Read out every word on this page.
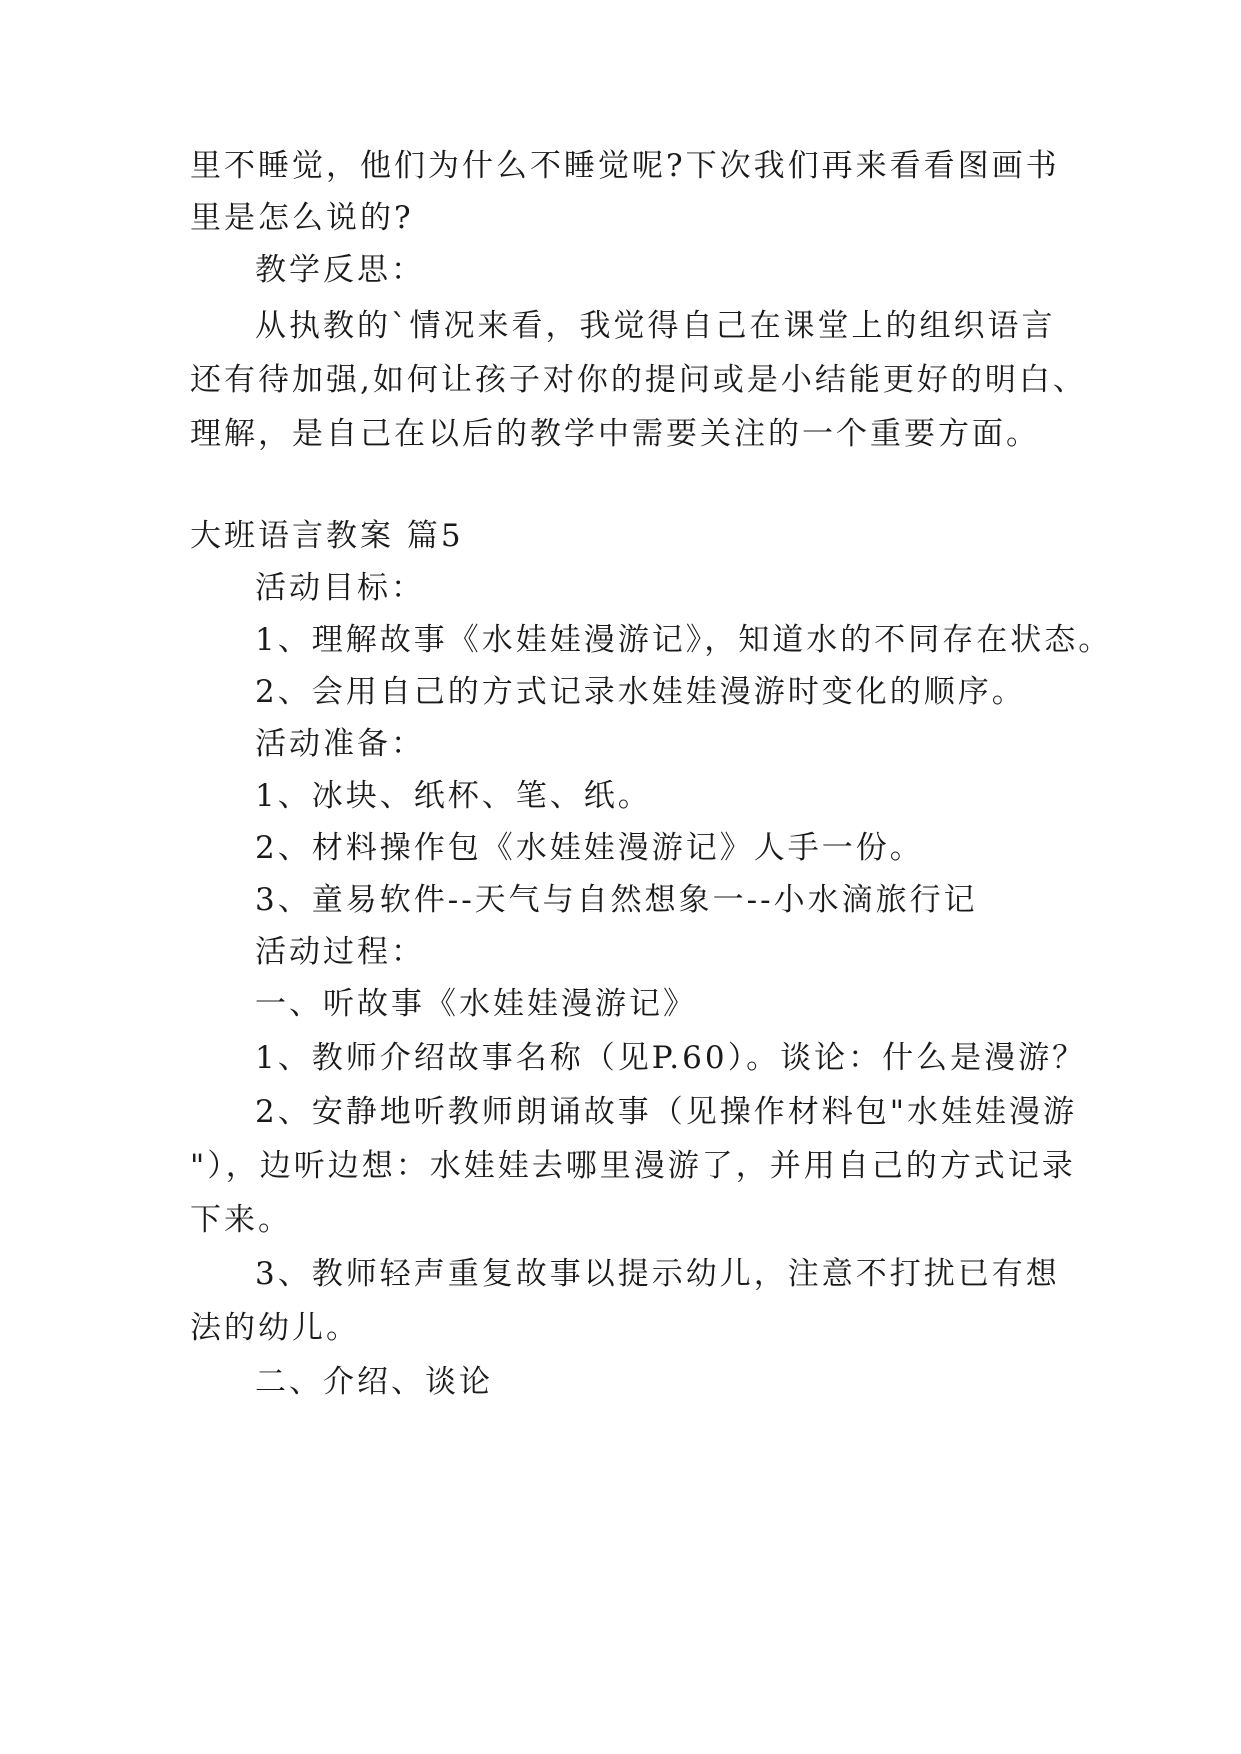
里不睡觉，他们为什么不睡觉呢?下次我们再来看看图画书
里是怎么说的?
教学反思：
从执教的`情况来看，我觉得自己在课堂上的组织语言
还有待加强,如何让孩子对你的提问或是小结能更好的明白、
理解，是自己在以后的教学中需要关注的一个重要方面。
大班语言教案 篇5
活动目标：
1、理解故事《水娃娃漫游记》，知道水的不同存在状态。
2、会用自己的方式记录水娃娃漫游时变化的顺序。
活动准备：
1、冰块、纸杯、笔、纸。
2、材料操作包《水娃娃漫游记》人手一份。
3、童易软件--天气与自然想象一--小水滴旅行记
活动过程：
一、听故事《水娃娃漫游记》
1、教师介绍故事名称（见P.60）。谈论：什么是漫游？
2、安静地听教师朗诵故事（见操作材料包"水娃娃漫游
"），边听边想：水娃娃去哪里漫游了，并用自己的方式记录
下来。
3、教师轻声重复故事以提示幼儿，注意不打扰已有想
法的幼儿。
二、介绍、谈论
